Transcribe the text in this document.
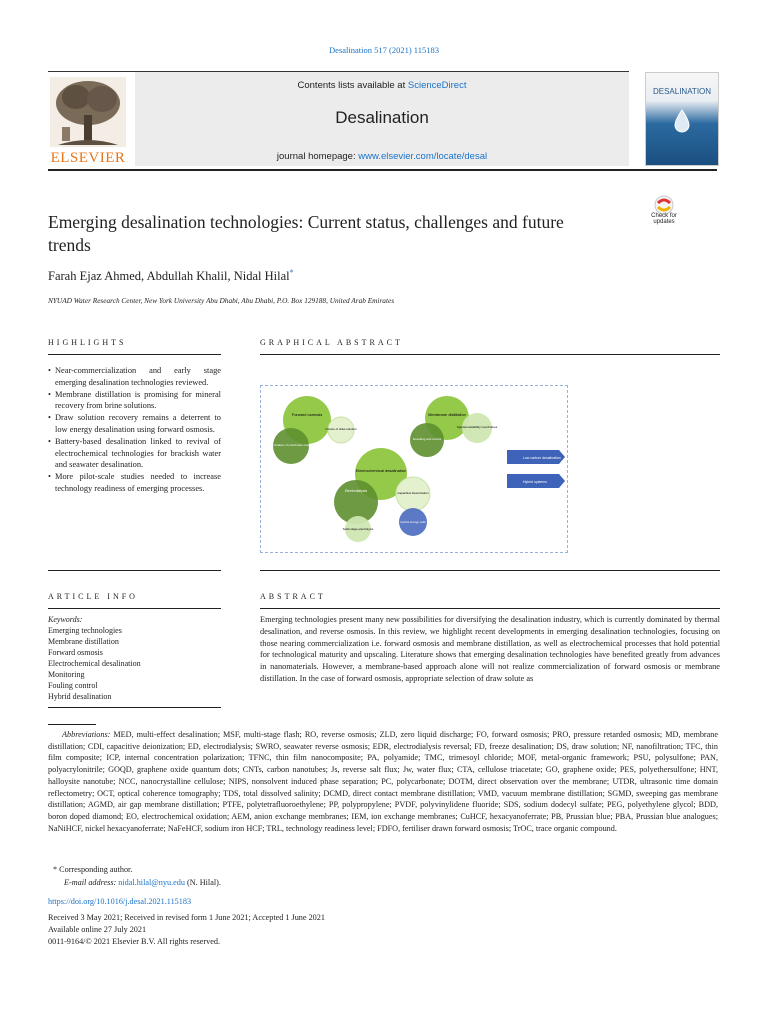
Desalination 517 (2021) 115183
Contents lists available at ScienceDirect
Desalination
journal homepage: www.elsevier.com/locate/desal
ELSEVIER
DESALINATION
Emerging desalination technologies: Current status, challenges and future trends
Check for updates
Farah Ejaz Ahmed, Abdullah Khalil, Nidal Hilal*
NYUAD Water Research Center, New York University Abu Dhabi, Abu Dhabi, P.O. Box 129188, United Arab Emirates
HIGHLIGHTS
• Near-commercialization and early stage emerging desalination technologies reviewed.
• Membrane distillation is promising for mineral recovery from brine solutions.
• Draw solution recovery remains a deterrent to low energy desalination using forward osmosis.
• Battery-based desalination linked to revival of electrochemical technologies for brackish water and seawater desalination.
• More pilot-scale studies needed to increase technology readiness of emerging processes.
GRAPHICAL ABSTRACT
Forward osmosis
Choice of draw solution
Optimization of membrane material
Membrane distillation
Special wettability membranes
Desalting and control
Electrochemical desalination
Capacitive Deionization
Electrodialysis
Hybrid energy cells
Solid-stage electrolysis
Low carbon desalination
Hybrid systems
ARTICLE INFO
Keywords:
Emerging technologies
Membrane distillation
Forward osmosis
Electrochemical desalination
Monitoring
Fouling control
Hybrid desalination
ABSTRACT
Emerging technologies present many new possibilities for diversifying the desalination industry, which is currently dominated by thermal desalination, and reverse osmosis. In this review, we highlight recent developments in emerging desalination technologies, focusing on those nearing commercialization i.e. forward osmosis and membrane distillation, as well as electrochemical processes that hold potential for technological maturity and upscaling. Literature shows that emerging desalination technologies have benefited greatly from advances in nanomaterials. However, a membrane-based approach alone will not realize commercialization of forward osmosis or membrane distillation. In the case of forward osmosis, appropriate selection of draw solute as
Abbreviations: MED, multi-effect desalination; MSF, multi-stage flash; RO, reverse osmosis; ZLD, zero liquid discharge; FO, forward osmosis; PRO, pressure retarded osmosis; MD, membrane distillation; CDI, capacitive deionization; ED, electrodialysis; SWRO, seawater reverse osmosis; EDR, electrodialysis reversal; FD, freeze desalination; DS, draw solution; NF, nanofiltration; TFC, thin film composite; ICP, internal concentration polarization; TFNC, thin film nanocomposite; PA, polyamide; TMC, trimesoyl chloride; MOF, metal-organic framework; PSU, polysulfone; PAN, polyacrylonitrile; GOQD, graphene oxide quantum dots; CNTs, carbon nanotubes; Js, reverse salt flux; Jw, water flux; CTA, cellulose triacetate; GO, graphene oxide; PES, polyethersulfone; HNT, halloysite nanotube; NCC, nanocrystalline cellulose; NIPS, nonsolvent induced phase separation; PC, polycarbonate; DOTM, direct observation over the membrane; UTDR, ultrasonic time domain reflectometry; OCT, optical coherence tomography; TDS, total dissolved salinity; DCMD, direct contact membrane distillation; VMD, vacuum membrane distillation; SGMD, sweeping gas membrane distillation; AGMD, air gap membrane distillation; PTFE, polytetrafluoroethylene; PP, polypropylene; PVDF, polyvinylidene fluoride; SDS, sodium dodecyl sulfate; PEG, polyethylene glycol; BDD, boron doped diamond; EO, electrochemical oxidation; AEM, anion exchange membranes; IEM, ion exchange membranes; CuHCF, hexacyanoferrate; PB, Prussian blue; PBA, Prussian blue analogues; NaNiHCF, nickel hexacyanoferrate; NaFeHCF, sodium iron HCF; TRL, technology readiness level; FDFO, fertiliser drawn forward osmosis; TrOC, trace organic compound.
* Corresponding author.
E-mail address: nidal.hilal@nyu.edu (N. Hilal).
https://doi.org/10.1016/j.desal.2021.115183
Received 3 May 2021; Received in revised form 1 June 2021; Accepted 1 June 2021
Available online 27 July 2021
0011-9164/© 2021 Elsevier B.V. All rights reserved.
